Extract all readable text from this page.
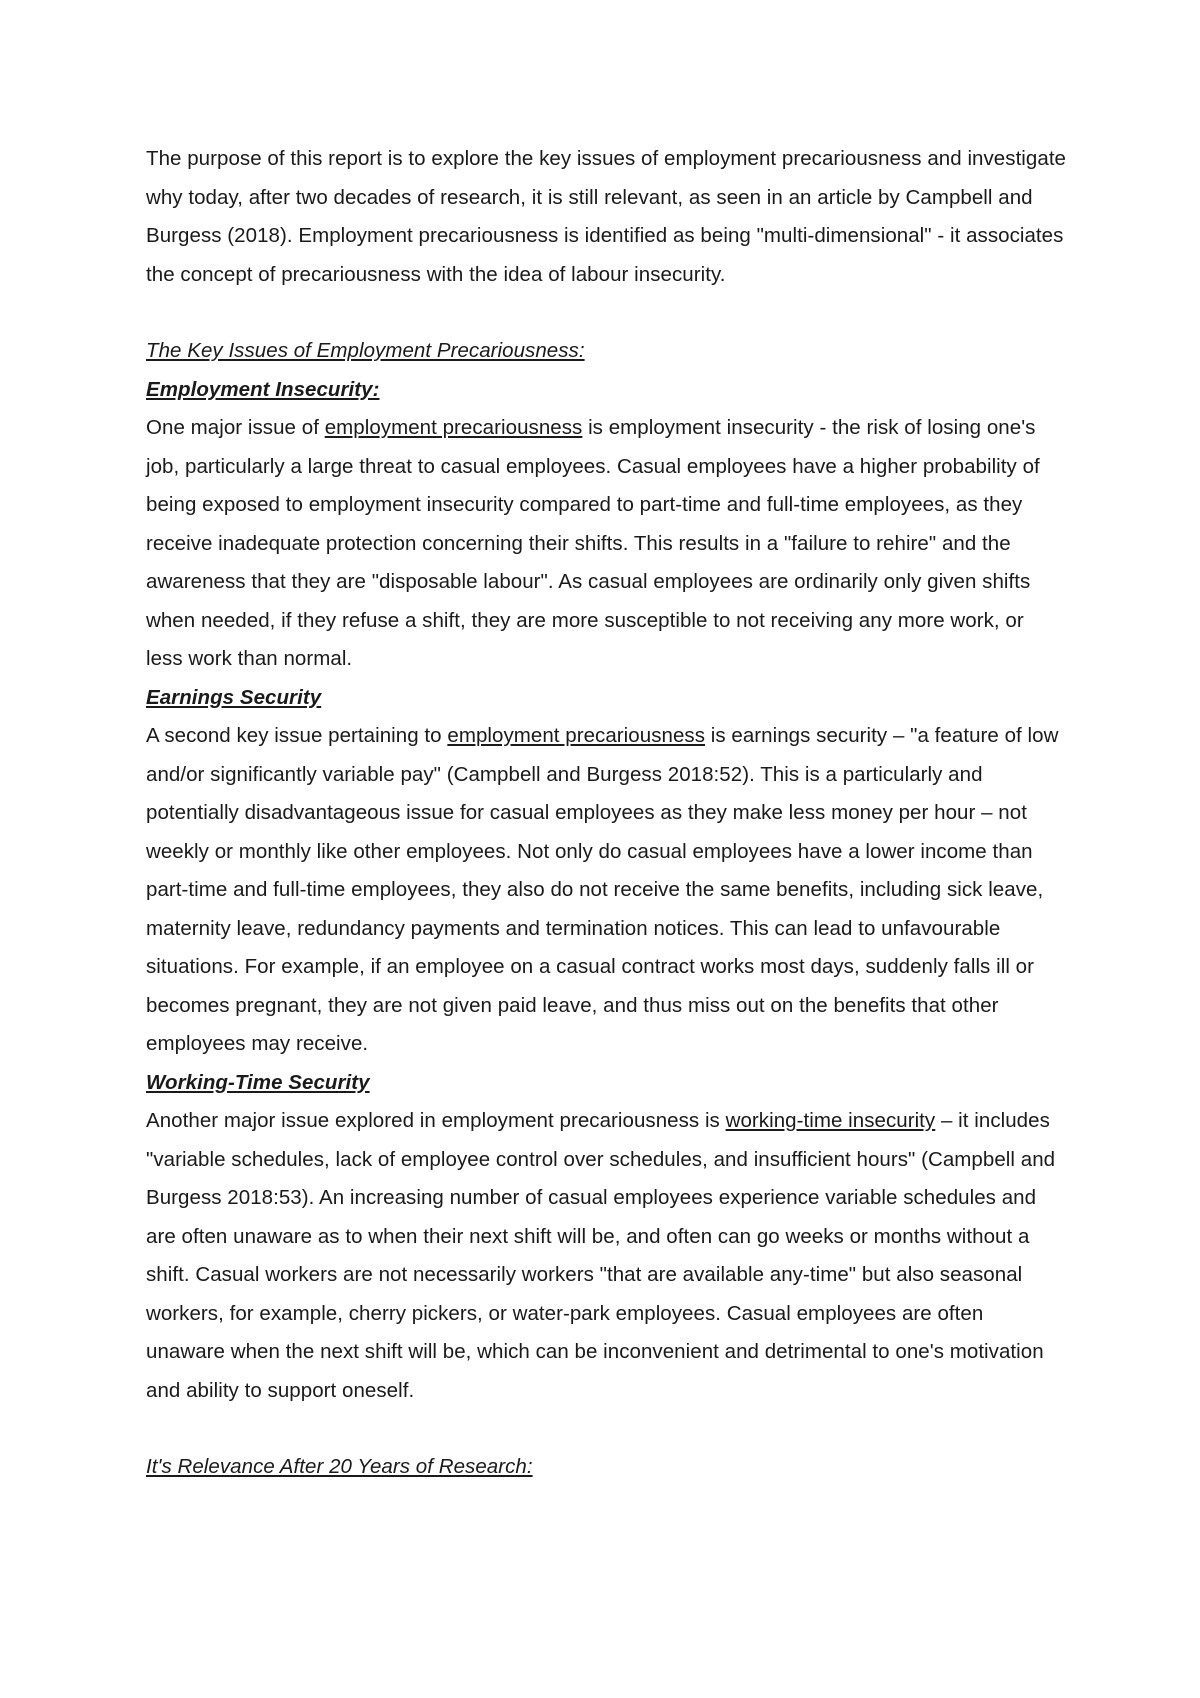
The purpose of this report is to explore the key issues of employment precariousness and investigate why today, after two decades of research, it is still relevant, as seen in an article by Campbell and Burgess (2018). Employment precariousness is identified as being "multi-dimensional" - it associates the concept of precariousness with the idea of labour insecurity.

The Key Issues of Employment Precariousness:

Employment Insecurity:

One major issue of employment precariousness is employment insecurity - the risk of losing one's job, particularly a large threat to casual employees. Casual employees have a higher probability of being exposed to employment insecurity compared to part-time and full-time employees, as they receive inadequate protection concerning their shifts. This results in a "failure to rehire" and the awareness that they are "disposable labour". As casual employees are ordinarily only given shifts when needed, if they refuse a shift, they are more susceptible to not receiving any more work, or less work than normal.

Earnings Security

A second key issue pertaining to employment precariousness is earnings security – "a feature of low and/or significantly variable pay" (Campbell and Burgess 2018:52). This is a particularly and potentially disadvantageous issue for casual employees as they make less money per hour – not weekly or monthly like other employees. Not only do casual employees have a lower income than part-time and full-time employees, they also do not receive the same benefits, including sick leave, maternity leave, redundancy payments and termination notices. This can lead to unfavourable situations. For example, if an employee on a casual contract works most days, suddenly falls ill or becomes pregnant, they are not given paid leave, and thus miss out on the benefits that other employees may receive.

Working-Time Security

Another major issue explored in employment precariousness is working-time insecurity – it includes "variable schedules, lack of employee control over schedules, and insufficient hours" (Campbell and Burgess 2018:53). An increasing number of casual employees experience variable schedules and are often unaware as to when their next shift will be, and often can go weeks or months without a shift. Casual workers are not necessarily workers "that are available any-time" but also seasonal workers, for example, cherry pickers, or water-park employees. Casual employees are often unaware when the next shift will be, which can be inconvenient and detrimental to one's motivation and ability to support oneself.

It's Relevance After 20 Years of Research:
